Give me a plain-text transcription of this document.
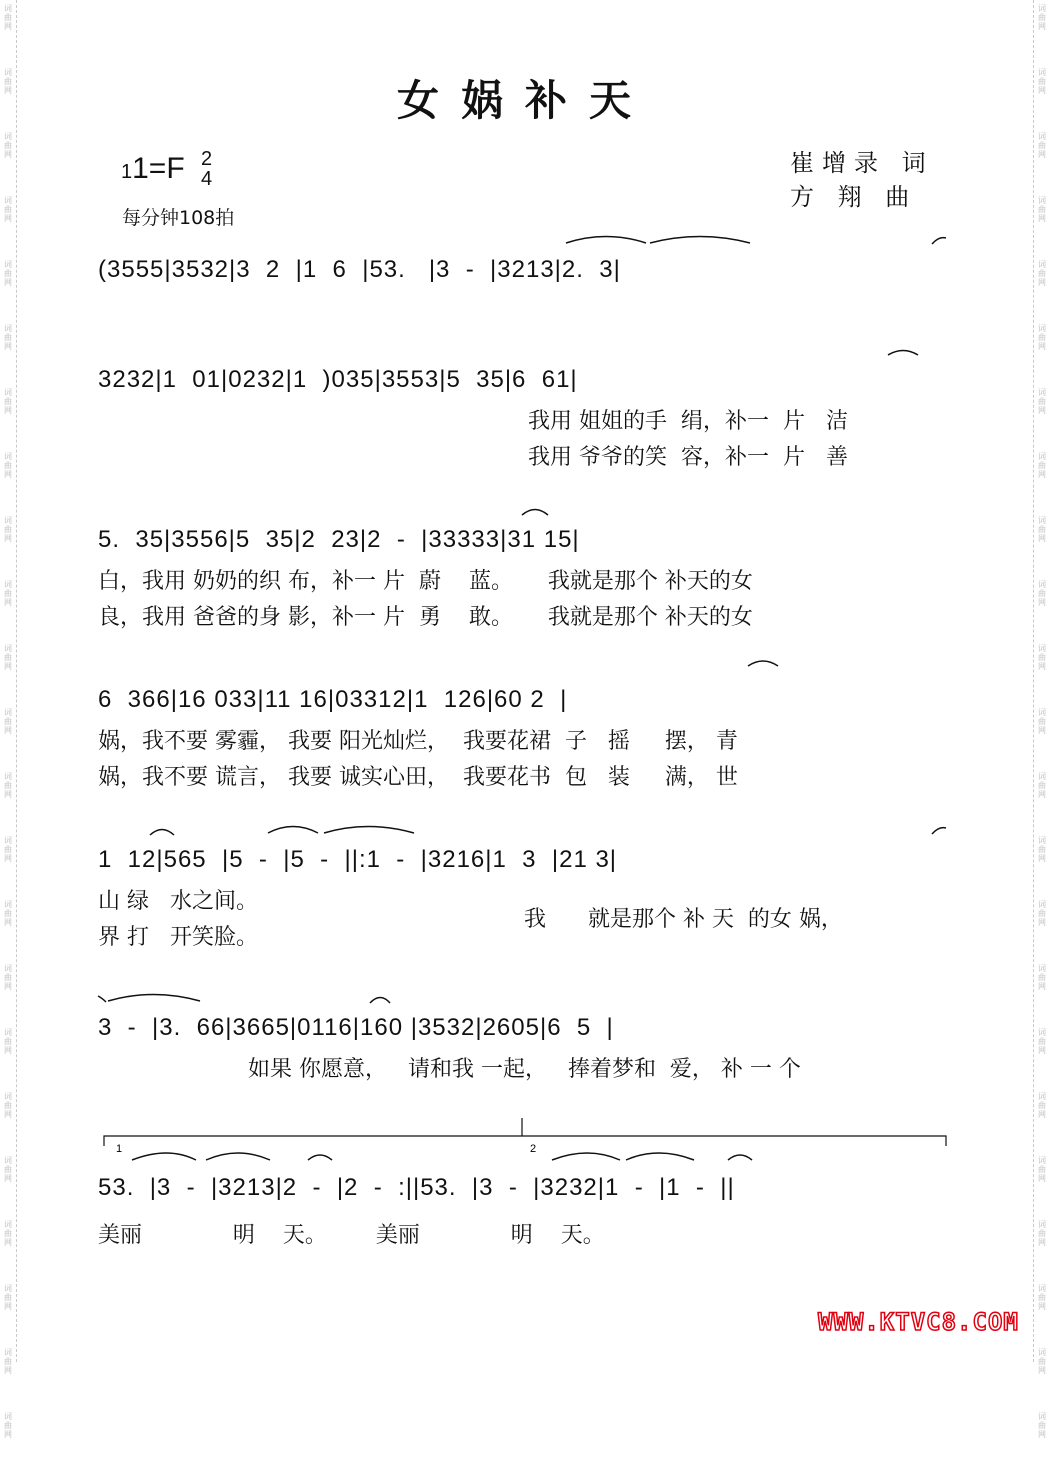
词
曲
网
词
曲
网
词
曲
网
词
曲
网
词
曲
网
词
曲
网
词
曲
网
词
曲
网
词
曲
网
词
曲
网
词
曲
网
词
曲
网
词
曲
网
词
曲
网
词
曲
网
词
曲
网
词
曲
网
词
曲
网
词
曲
网
词
曲
网
词
曲
网
词
曲
网
词
曲
网
词
曲
网
词
曲
网
词
曲
网
词
曲
网
词
曲
网
词
曲
网
词
曲
网
词
曲
网
词
曲
网
词
曲
网
词
曲
网
词
曲
网
词
曲
网
词
曲
网
词
曲
网
词
曲
网
词
曲
网
词
曲
网
词
曲
网
词
曲
网
词
曲
网
词
曲
网
词
曲
网
女娲补天
11=F 2
4
每分钟108拍
崔增录 词
方 翔 曲
(3555|3532|3  2  |1  6  |53.   |3  -  |3213|2.  3|
3232|1  01|0232|1  )035|3553|5  35|6  61|
我用 姐姐的手  绢，补一  片   洁
我用 爷爷的笑  容，补一  片   善
5.  35|3556|5  35|2  23|2  -  |33333|31 15|
白，我用 奶奶的织 布，补一 片  蔚    蓝。     我就是那个 补天的女
良，我用 爸爸的身 影，补一 片  勇    敢。     我就是那个 补天的女
6  366|16 033|11 16|03312|1  126|60 2  |
娲，我不要 雾霾， 我要 阳光灿烂，  我要花裙  子   摇     摆， 青
娲，我不要 谎言， 我要 诚实心田，  我要花书  包   装     满， 世
1  12|565  |5  -  |5  -  ||:1  -  |3216|1  3  |21 3|
山 绿   水之间。
界 打   开笑脸。
我      就是那个 补 天  的女 娲，
3  -  |3.  66|3665|0116|160 |3532|2605|6  5  |
如果 你愿意，   请和我 一起，   捧着梦和  爱， 补 一 个
1	2
53.  |3  -  |3213|2  -  |2  -  :||53.  |3  -  |3232|1  -  |1  -  ||
美丽             明    天。       美丽             明    天。
WWW.KTVC8.COM
